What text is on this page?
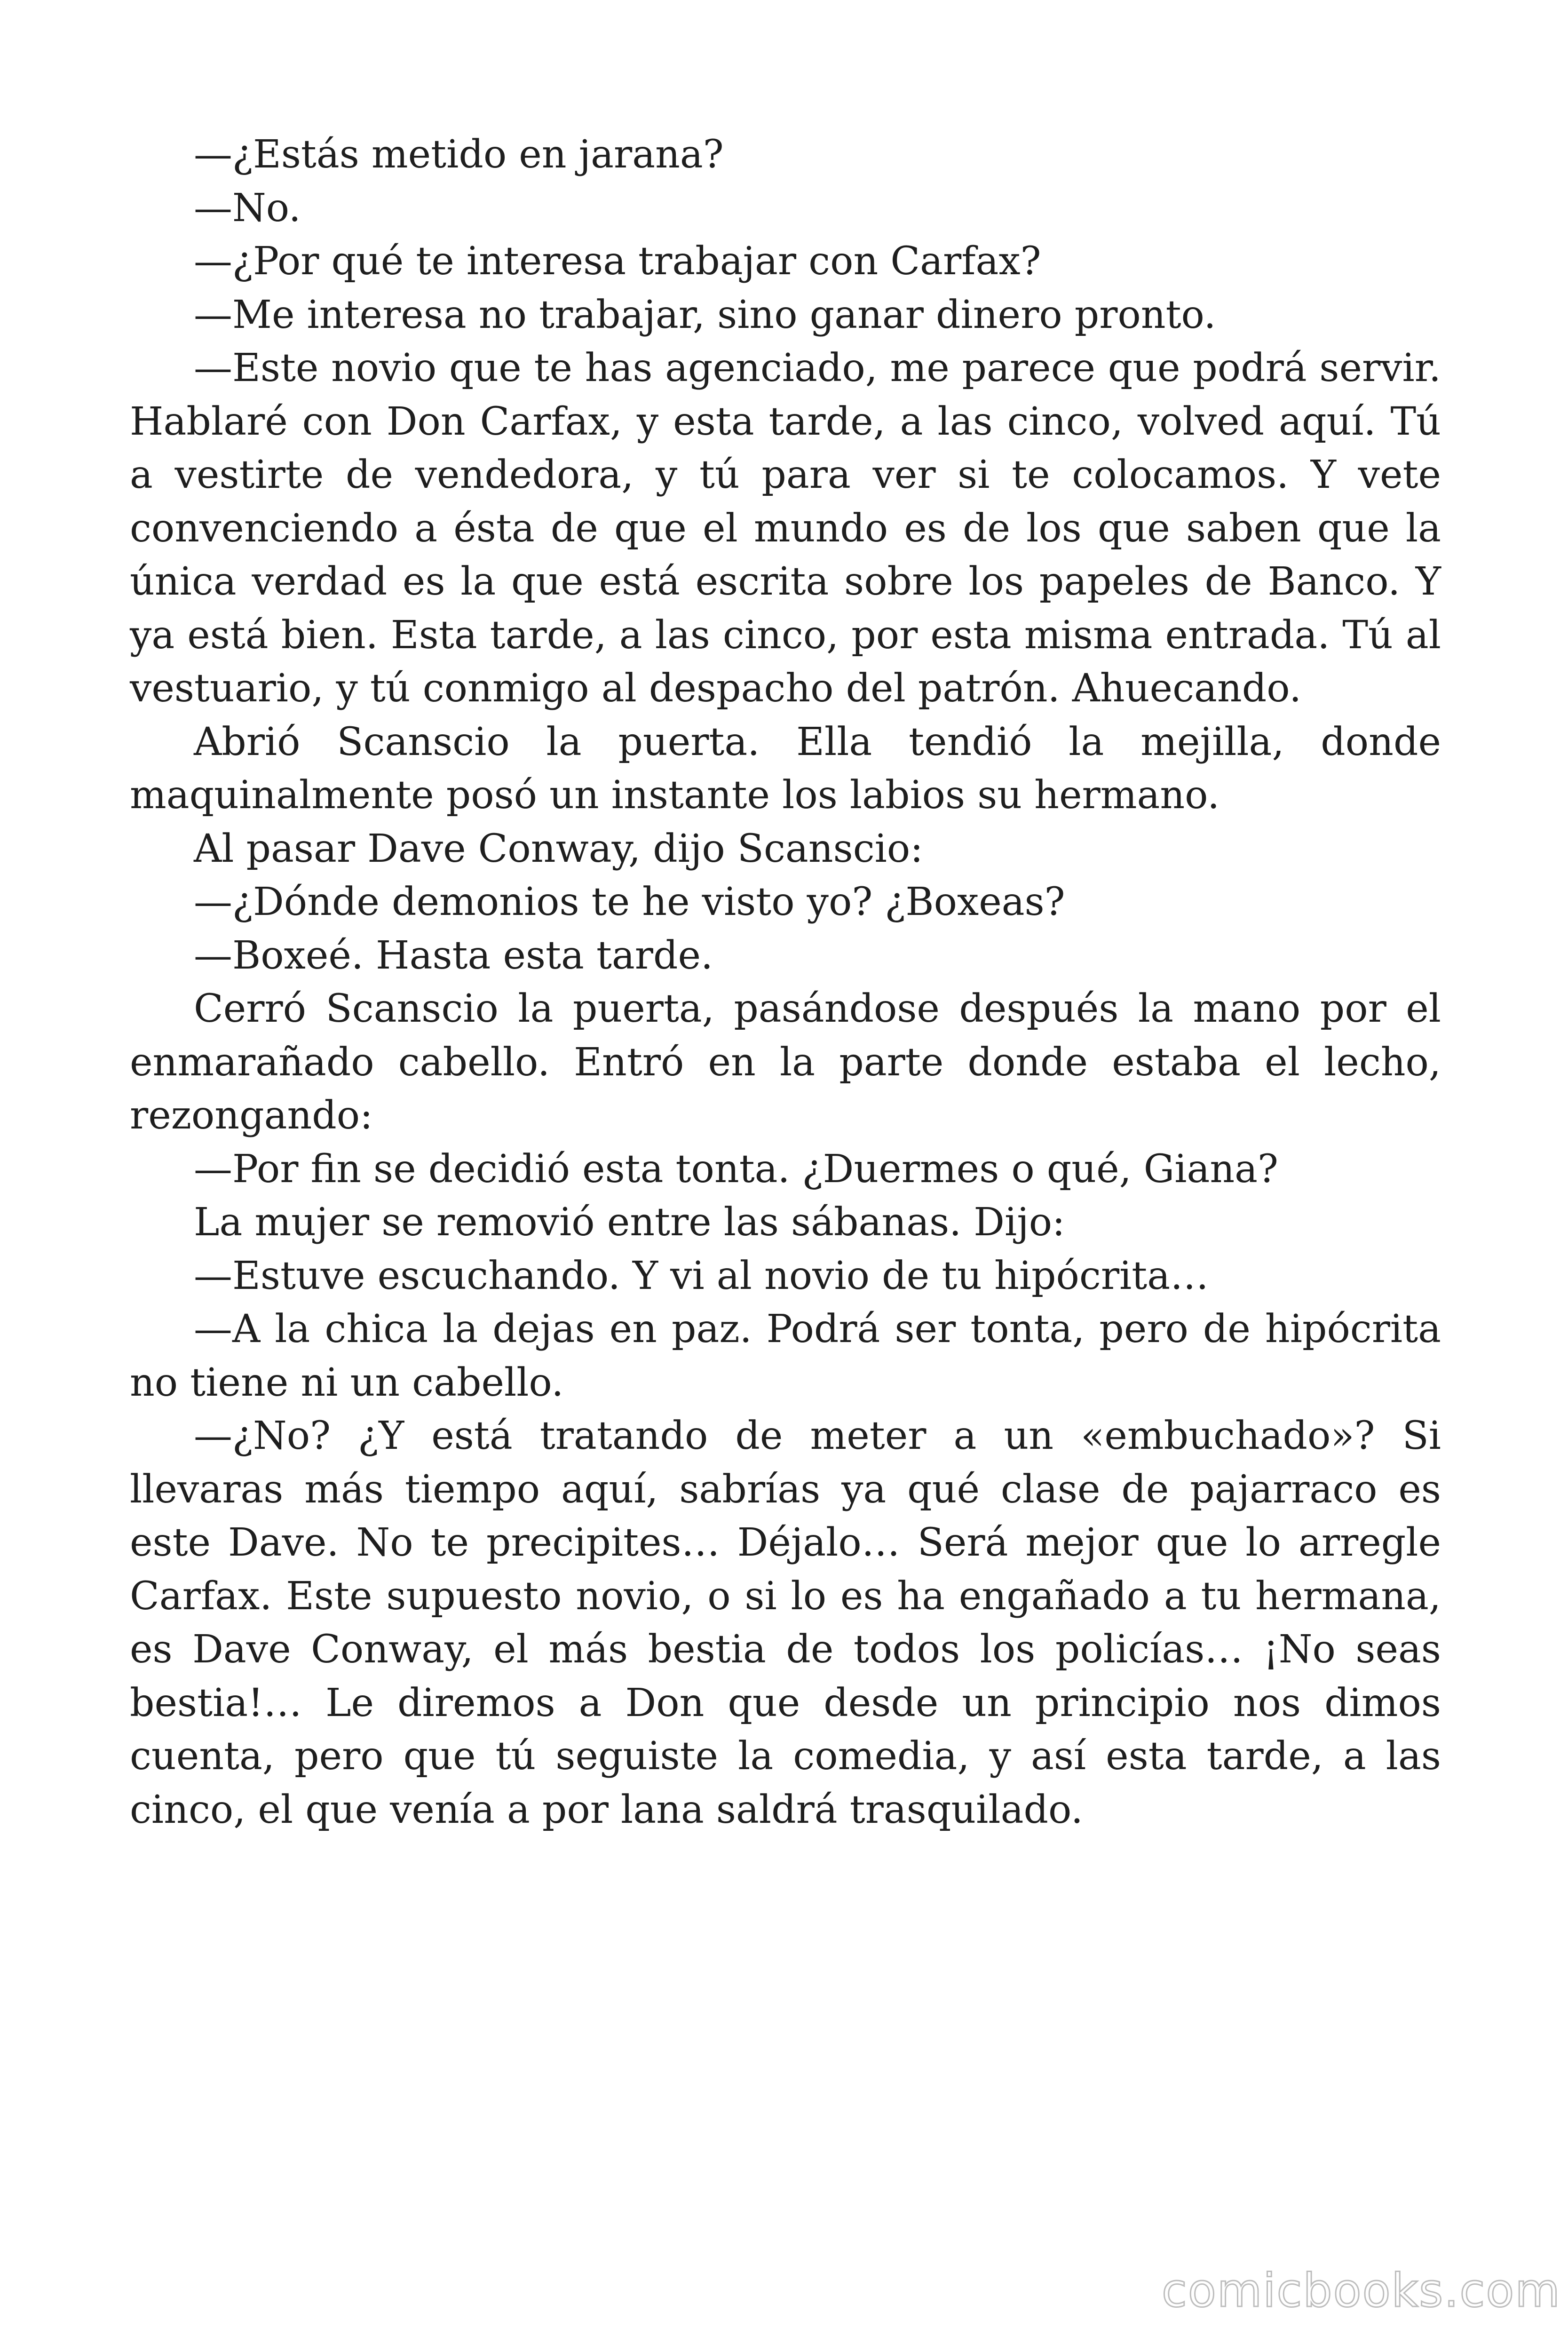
—¿Estás metido en jarana?

—No.

—¿Por qué te interesa trabajar con Carfax?

—Me interesa no trabajar, sino ganar dinero pronto.

—Este novio que te has agenciado, me parece que podrá servir. Hablaré con Don Carfax, y esta tarde, a las cinco, volved aquí. Tú a vestirte de vendedora, y tú para ver si te colocamos. Y vete convenciendo a ésta de que el mundo es de los que saben que la única verdad es la que está escrita sobre los papeles de Banco. Y ya está bien. Esta tarde, a las cinco, por esta misma entrada. Tú al vestuario, y tú conmigo al despacho del patrón. Ahuecando.

Abrió Scanscio la puerta. Ella tendió la mejilla, donde maquinalmente posó un instante los labios su hermano.

Al pasar Dave Conway, dijo Scanscio:

—¿Dónde demonios te he visto yo? ¿Boxeas?

—Boxeé. Hasta esta tarde.

Cerró Scanscio la puerta, pasándose después la mano por el enmarañado cabello. Entró en la parte donde estaba el lecho, rezongando:

—Por fin se decidió esta tonta. ¿Duermes o qué, Giana?

La mujer se removió entre las sábanas. Dijo:

—Estuve escuchando. Y vi al novio de tu hipócrita…

—A la chica la dejas en paz. Podrá ser tonta, pero de hipócrita no tiene ni un cabello.

—¿No? ¿Y está tratando de meter a un «embuchado»? Si llevaras más tiempo aquí, sabrías ya qué clase de pajarraco es este Dave. No te precipites… Déjalo… Será mejor que lo arregle Carfax. Este supuesto novio, o si lo es ha engañado a tu hermana, es Dave Conway, el más bestia de todos los policías… ¡No seas bestia!… Le diremos a Don que desde un principio nos dimos cuenta, pero que tú seguiste la comedia, y así esta tarde, a las cinco, el que venía a por lana saldrá trasquilado.

comicbooks.com
